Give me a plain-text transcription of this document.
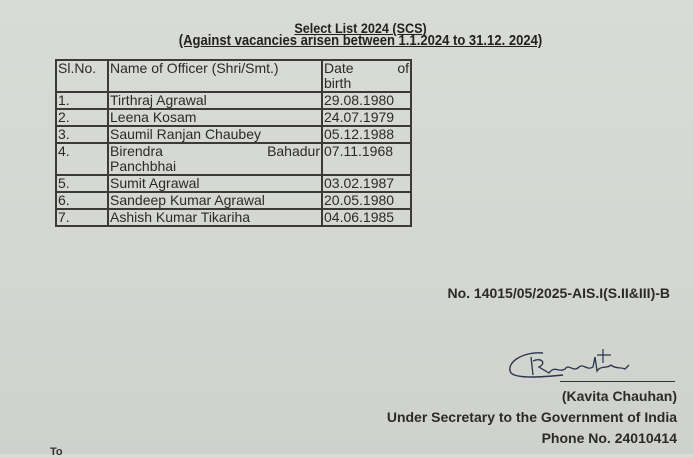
Select List 2024 (SCS)
(Against vacancies arisen between 1.1.2024 to 31.12. 2024)
Sl.No.	Name of Officer (Shri/Smt.)	Date of
birth

1.	Tirthraj Agrawal	29.08.1980
2.	Leena Kosam	24.07.1979
3.	Saumil Ranjan Chaubey	05.12.1988
4.	Birendra Bahadur
Panchbhai	07.11.1968
5.	Sumit Agrawal	03.02.1987
6.	Sandeep Kumar Agrawal	20.05.1980
7.	Ashish Kumar Tikariha	04.06.1985
No. 14015/05/2025-AIS.I(S.II&III)-B
(Kavita Chauhan)
Under Secretary to the Government of India
Phone No. 24010414
To
